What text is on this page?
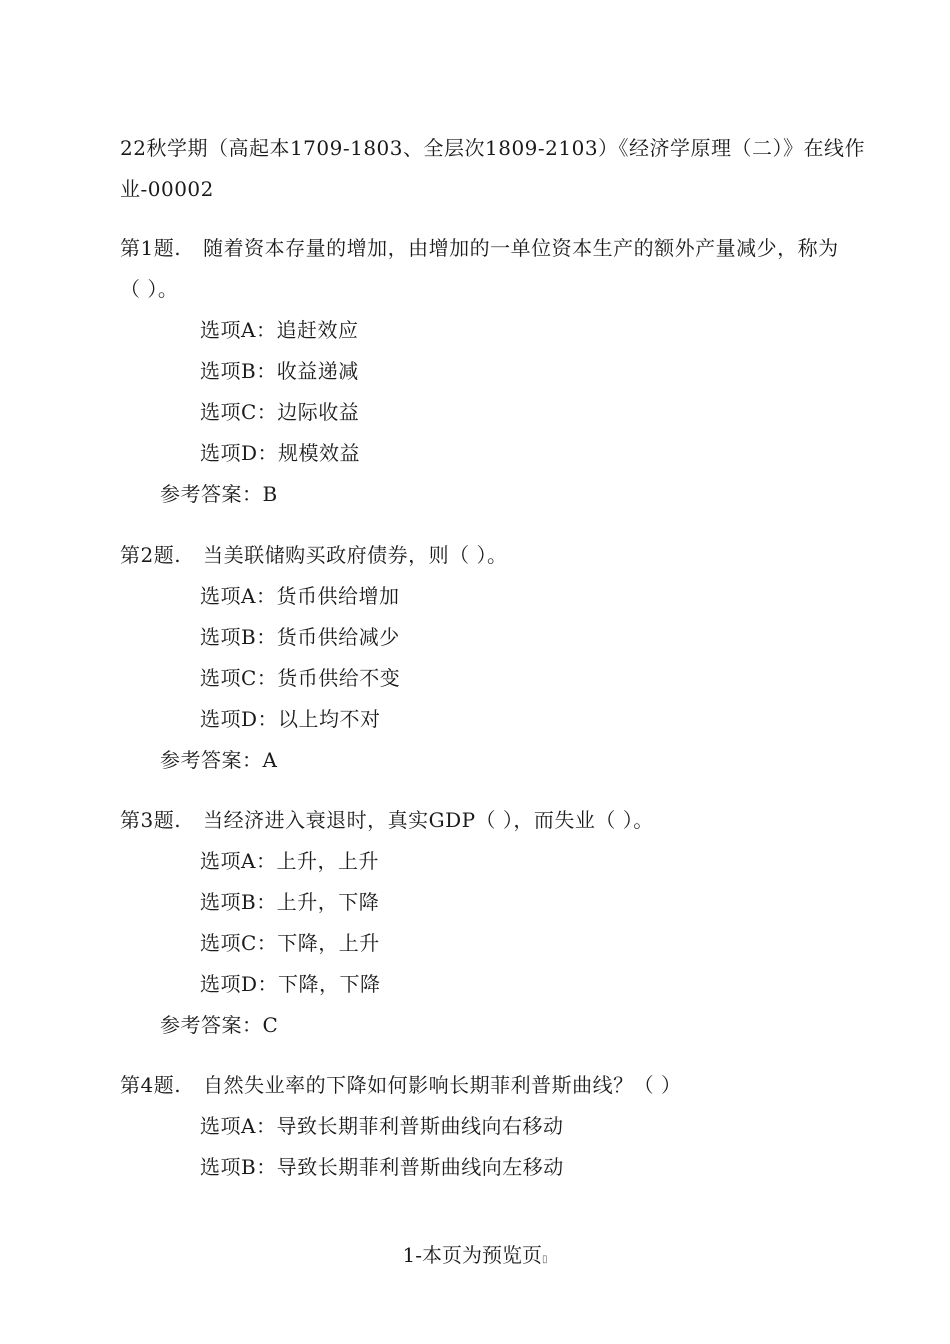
22秋学期（高起本1709-1803、全层次1809-2103）《经济学原理（二）》在线作业-00002

第1题. 随着资本存量的增加，由增加的一单位资本生产的额外产量减少，称为（ ）。

选项A：追赶效应

选项B：收益递减

选项C：边际收益

选项D：规模效益

参考答案：B

第2题. 当美联储购买政府债券，则（ ）。

选项A：货币供给增加

选项B：货币供给减少

选项C：货币供给不变

选项D：以上均不对

参考答案：A

第3题. 当经济进入衰退时，真实GDP（ ），而失业（ ）。

选项A：上升，上升

选项B：上升，下降

选项C：下降，上升

选项D：下降，下降

参考答案：C

第4题. 自然失业率的下降如何影响长期菲利普斯曲线？（ ）

选项A：导致长期菲利普斯曲线向右移动

选项B：导致长期菲利普斯曲线向左移动

1-本页为预览页▯
